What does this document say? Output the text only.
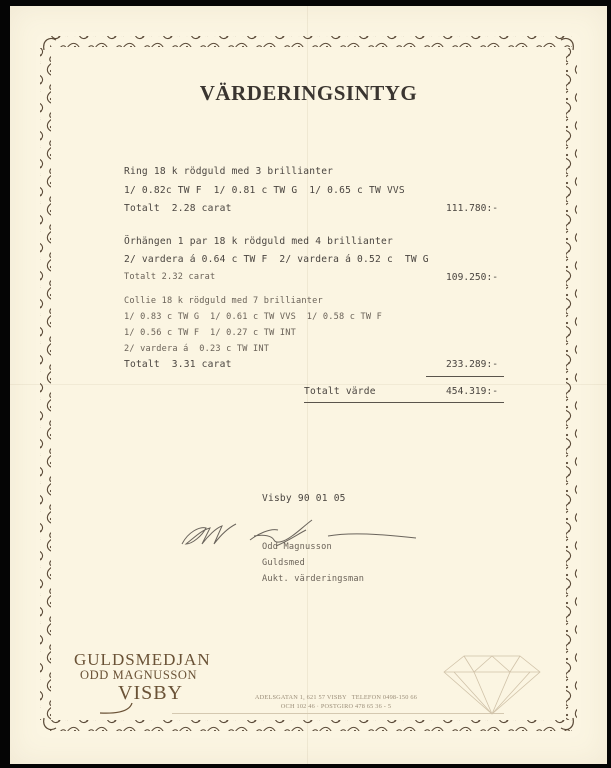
VÄRDERINGSINTYG
Ring 18 k rödguld med 3 brillianter
1/ 0.82c TW F  1/ 0.81 c TW G  1/ 0.65 c TW VVS
Totalt  2.28 carat	111.780:-
Örhängen 1 par 18 k rödguld med 4 brillianter
2/ vardera á 0.64 c TW F  2/ vardera á 0.52 c  TW G
Totalt 2.32 carat	109.250:-
Collie 18 k rödguld med 7 brillianter
1/ 0.83 c TW G  1/ 0.61 c TW VVS  1/ 0.58 c TW F
1/ 0.56 c TW F  1/ 0.27 c TW INT
2/ vardera á  0.23 c TW INT
Totalt  3.31 carat	233.289:-
Totalt värde	454.319:-
Visby 90 01 05
Odd Magnusson
Guldsmed
Aukt. värderingsman
GULDSMEDJAN
ODD MAGNUSSON
VISBY	ADELSGATAN 1, 621 57 VISBY   TELEFON 0498-150 66
OCH 102 46 · POSTGIRO 478 65 36 - 5
